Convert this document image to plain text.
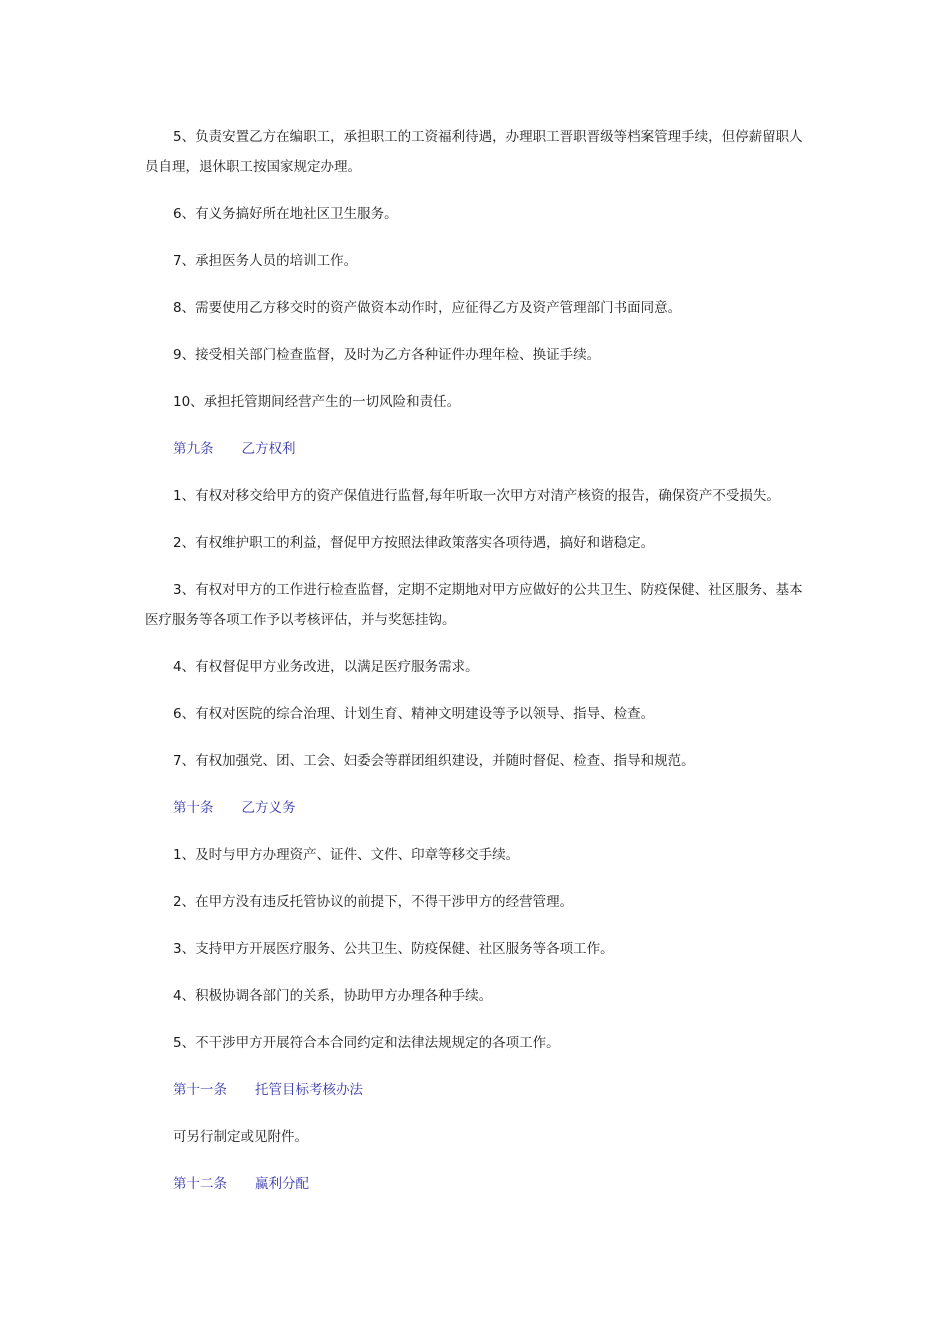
5、负责安置乙方在编职工，承担职工的工资福利待遇，办理职工晋职晋级等档案管理手续，但停薪留职人员自理，退休职工按国家规定办理。

6、有义务搞好所在地社区卫生服务。

7、承担医务人员的培训工作。

8、需要使用乙方移交时的资产做资本动作时，应征得乙方及资产管理部门书面同意。

9、接受相关部门检查监督，及时为乙方各种证件办理年检、换证手续。

10、承担托管期间经营产生的一切风险和责任。

第九条 乙方权利

1、有权对移交给甲方的资产保值进行监督,每年听取一次甲方对清产核资的报告，确保资产不受损失。

2、有权维护职工的利益，督促甲方按照法律政策落实各项待遇，搞好和谐稳定。

3、有权对甲方的工作进行检查监督，定期不定期地对甲方应做好的公共卫生、防疫保健、社区服务、基本医疗服务等各项工作予以考核评估，并与奖惩挂钩。

4、有权督促甲方业务改进，以满足医疗服务需求。

6、有权对医院的综合治理、计划生育、精神文明建设等予以领导、指导、检查。

7、有权加强党、团、工会、妇委会等群团组织建设，并随时督促、检查、指导和规范。

第十条 乙方义务

1、及时与甲方办理资产、证件、文件、印章等移交手续。

2、在甲方没有违反托管协议的前提下，不得干涉甲方的经营管理。

3、支持甲方开展医疗服务、公共卫生、防疫保健、社区服务等各项工作。

4、积极协调各部门的关系，协助甲方办理各种手续。

5、不干涉甲方开展符合本合同约定和法律法规规定的各项工作。

第十一条 托管目标考核办法

可另行制定或见附件。

第十二条 赢利分配
